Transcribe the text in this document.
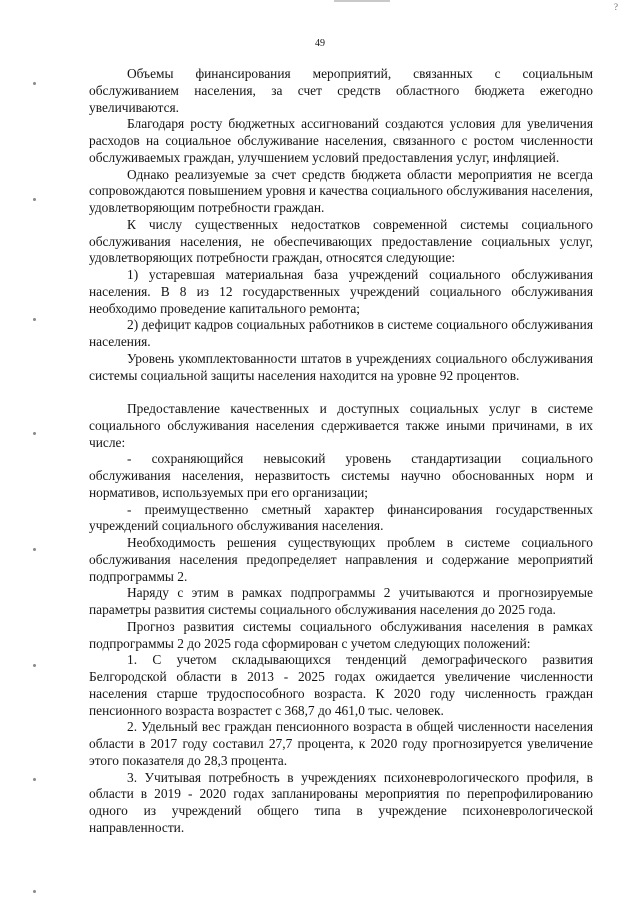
?
49

Объемы финансирования мероприятий, связанных с социальным обслуживанием населения, за счет средств областного бюджета ежегодно увеличиваются.

Благодаря росту бюджетных ассигнований создаются условия для увеличения расходов на социальное обслуживание населения, связанного с ростом численности обслуживаемых граждан, улучшением условий предоставления услуг, инфляцией.

Однако реализуемые за счет средств бюджета области мероприятия не всегда сопровождаются повышением уровня и качества социального обслуживания населения, удовлетворяющим потребности граждан.

К числу существенных недостатков современной системы социального обслуживания населения, не обеспечивающих предоставление социальных услуг, удовлетворяющих потребности граждан, относятся следующие:

1) устаревшая материальная база учреждений социального обслуживания населения. В 8 из 12 государственных учреждений социального обслуживания необходимо проведение капитального ремонта;

2) дефицит кадров социальных работников в системе социального обслуживания населения.

Уровень укомплектованности штатов в учреждениях социального обслуживания системы социальной защиты населения находится на уровне 92 процентов.

Предоставление качественных и доступных социальных услуг в системе социального обслуживания населения сдерживается также иными причинами, в их числе:

- сохраняющийся невысокий уровень стандартизации социального обслуживания населения, неразвитость системы научно обоснованных норм и нормативов, используемых при его организации;

- преимущественно сметный характер финансирования государственных учреждений социального обслуживания населения.

Необходимость решения существующих проблем в системе социального обслуживания населения предопределяет направления и содержание мероприятий подпрограммы 2.

Наряду с этим в рамках подпрограммы 2 учитываются и прогнозируемые параметры развития системы социального обслуживания населения до 2025 года.

Прогноз развития системы социального обслуживания населения в рамках подпрограммы 2 до 2025 года сформирован с учетом следующих положений:

1. С учетом складывающихся тенденций демографического развития Белгородской области в 2013 - 2025 годах ожидается увеличение численности населения старше трудоспособного возраста. К 2020 году численность граждан пенсионного возраста возрастет с 368,7 до 461,0 тыс. человек.

2. Удельный вес граждан пенсионного возраста в общей численности населения области в 2017 году составил 27,7 процента, к 2020 году прогнозируется увеличение этого показателя до 28,3 процента.

3. Учитывая потребность в учреждениях психоневрологического профиля, в области в 2019 - 2020 годах запланированы мероприятия по перепрофилированию одного из учреждений общего типа в учреждение психоневрологической направленности.
